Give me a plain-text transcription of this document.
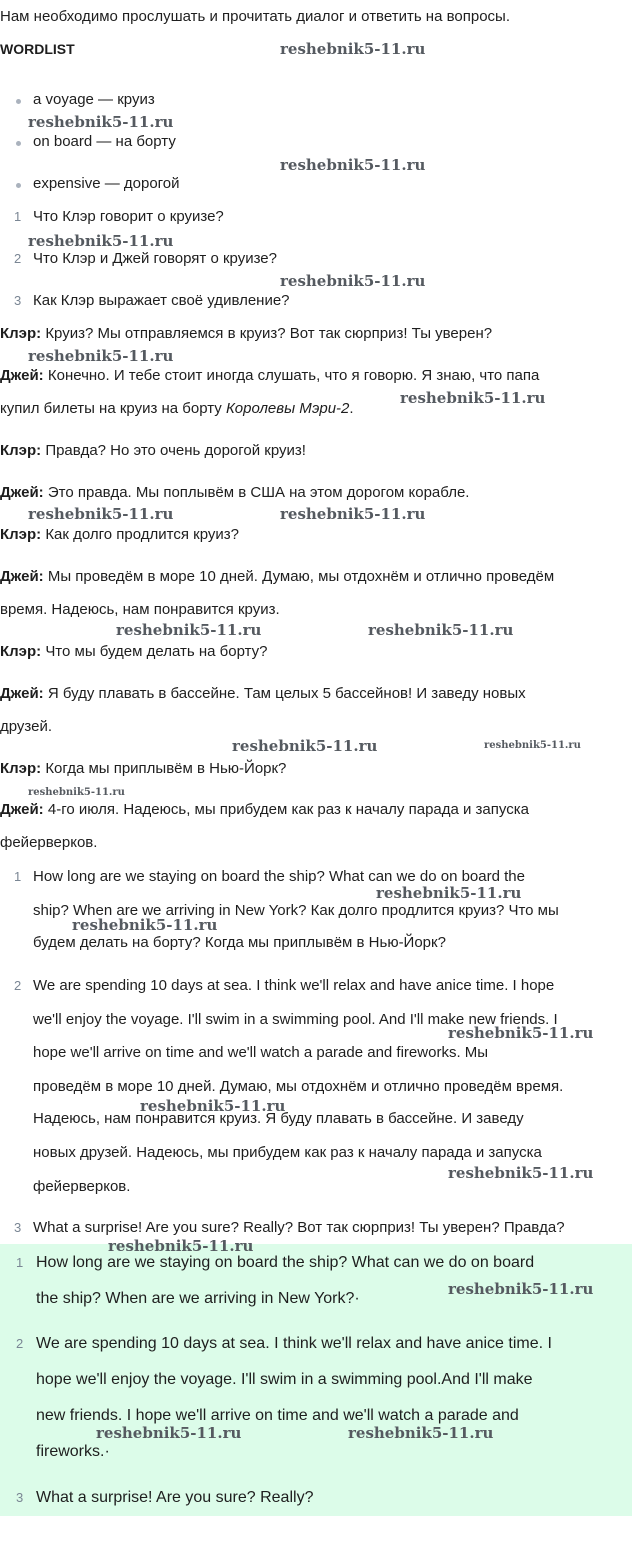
Нам необходимо прослушать и прочитать диалог и ответить на вопросы.
WORDLIST
a voyage — круиз
on board — на борту
expensive — дорогой
1 Что Клэр говорит о круизе?
2 Что Клэр и Джей говорят о круизе?
3 Как Клэр выражает своё удивление?
Клэр: Круиз? Мы отправляемся в круиз? Вот так сюрприз! Ты уверен?
Джей: Конечно. И тебе стоит иногда слушать, что я говорю. Я знаю, что папа
купил билеты на круиз на борту Королевы Мэри-2.
Клэр: Правда? Но это очень дорогой круиз!
Джей: Это правда. Мы поплывём в США на этом дорогом корабле.
Клэр: Как долго продлится круиз?
Джей: Мы проведём в море 10 дней. Думаю, мы отдохнём и отлично проведём
время. Надеюсь, нам понравится круиз.
Клэр: Что мы будем делать на борту?
Джей: Я буду плавать в бассейне. Там целых 5 бассейнов! И заведу новых
друзей.
Клэр: Когда мы приплывём в Нью-Йорк?
Джей: 4-го июля. Надеюсь, мы прибудем как раз к началу парада и запуска
фейерверков.
1 How long are we staying on board the ship? What can we do on board the
ship? When are we arriving in New York? Как долго продлится круиз? Что мы
будем делать на борту? Когда мы приплывём в Нью-Йорк?
2 We are spending 10 days at sea. I think we'll relax and have anice time. I hope
we'll enjoy the voyage. I'll swim in a swimming pool. And I'll make new friends. I
hope we'll arrive on time and we'll watch a parade and fireworks. Мы
проведём в море 10 дней. Думаю, мы отдохнём и отлично проведём время.
Надеюсь, нам понравится круиз. Я буду плавать в бассейне. И заведу
новых друзей. Надеюсь, мы прибудем как раз к началу парада и запуска
фейерверков.
3 What a surprise! Are you sure? Really? Вот так сюрприз! Ты уверен? Правда?
1 How long are we staying on board the ship? What can we do on board
the ship? When are we arriving in New York?·
2 We are spending 10 days at sea. I think we'll relax and have anice time. I
hope we'll enjoy the voyage. I'll swim in a swimming pool.And I'll make
new friends. I hope we'll arrive on time and we'll watch a parade and
fireworks.·
3 What a surprise! Are you sure? Really?
reshebnik5-11.ru
reshebnik5-11.ru
reshebnik5-11.ru
reshebnik5-11.ru
reshebnik5-11.ru
reshebnik5-11.ru
reshebnik5-11.ru
reshebnik5-11.ru	reshebnik5-11.ru
reshebnik5-11.ru	reshebnik5-11.ru
reshebnik5-11.ru	reshebnik5-11.ru
reshebnik5-11.ru
reshebnik5-11.ru
reshebnik5-11.ru
reshebnik5-11.ru
reshebnik5-11.ru
reshebnik5-11.ru
reshebnik5-11.ru
reshebnik5-11.ru
reshebnik5-11.ru	reshebnik5-11.ru
